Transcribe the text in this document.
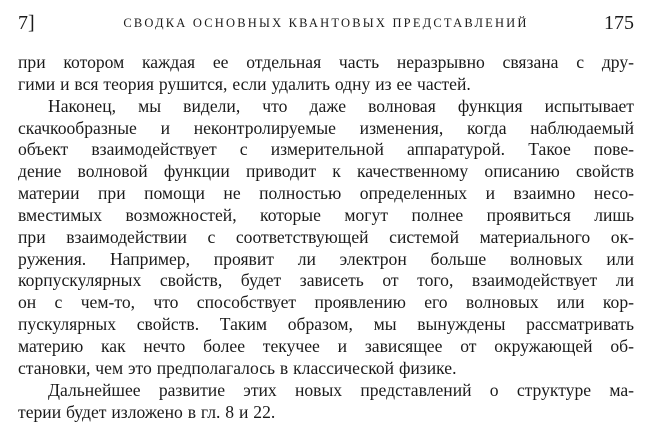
7]	СВОДКА ОСНОВНЫХ КВАНТОВЫХ ПРЕДСТАВЛЕНИЙ	175
при котором каждая ее отдельная часть неразрывно связана с дру-
гими и вся теория рушится, если удалить одну из ее частей.
Наконец, мы видели, что даже волновая функция испытывает
скачкообразные и неконтролируемые изменения, когда наблюдаемый
объект взаимодействует с измерительной аппаратурой. Такое пове-
дение волновой функции приводит к качественному описанию свойств
материи при помощи не полностью определенных и взаимно несо-
вместимых возможностей, которые могут полнее проявиться лишь
при взаимодействии с соответствующей системой материального ок-
ружения. Например, проявит ли электрон больше волновых или
корпускулярных свойств, будет зависеть от того, взаимодействует ли
он с чем-то, что способствует проявлению его волновых или кор-
пускулярных свойств. Таким образом, мы вынуждены рассматривать
материю как нечто более текучее и зависящее от окружающей об-
становки, чем это предполагалось в классической физике.
Дальнейшее развитие этих новых представлений о структуре ма-
терии будет изложено в гл. 8 и 22.
